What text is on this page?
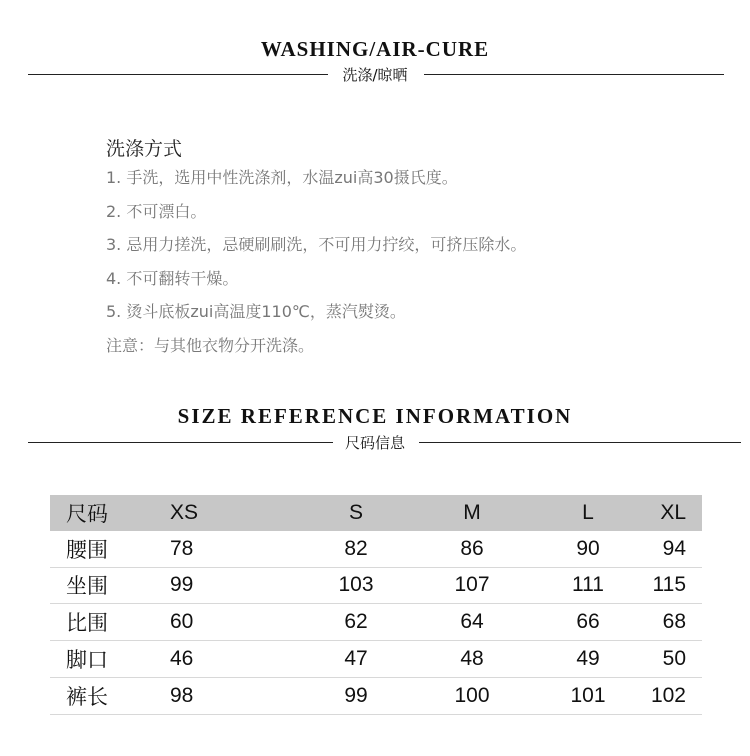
WASHING/AIR-CURE
洗涤/晾晒
洗涤方式
1. 手洗，选用中性洗涤剂，水温zui高30摄氏度。
2. 不可漂白。
3. 忌用力搓洗，忌硬刷刷洗，不可用力拧绞，可挤压除水。
4. 不可翻转干燥。
5. 烫斗底板zui高温度110℃，蒸汽熨烫。
注意：与其他衣物分开洗涤。
SIZE REFERENCE INFORMATION
尺码信息
尺码	XS	S	M	L	XL
腰围	78	82	86	90	94
坐围	99	103	107	111	115
比围	60	62	64	66	68
脚口	46	47	48	49	50
裤长	98	99	100	101	102
